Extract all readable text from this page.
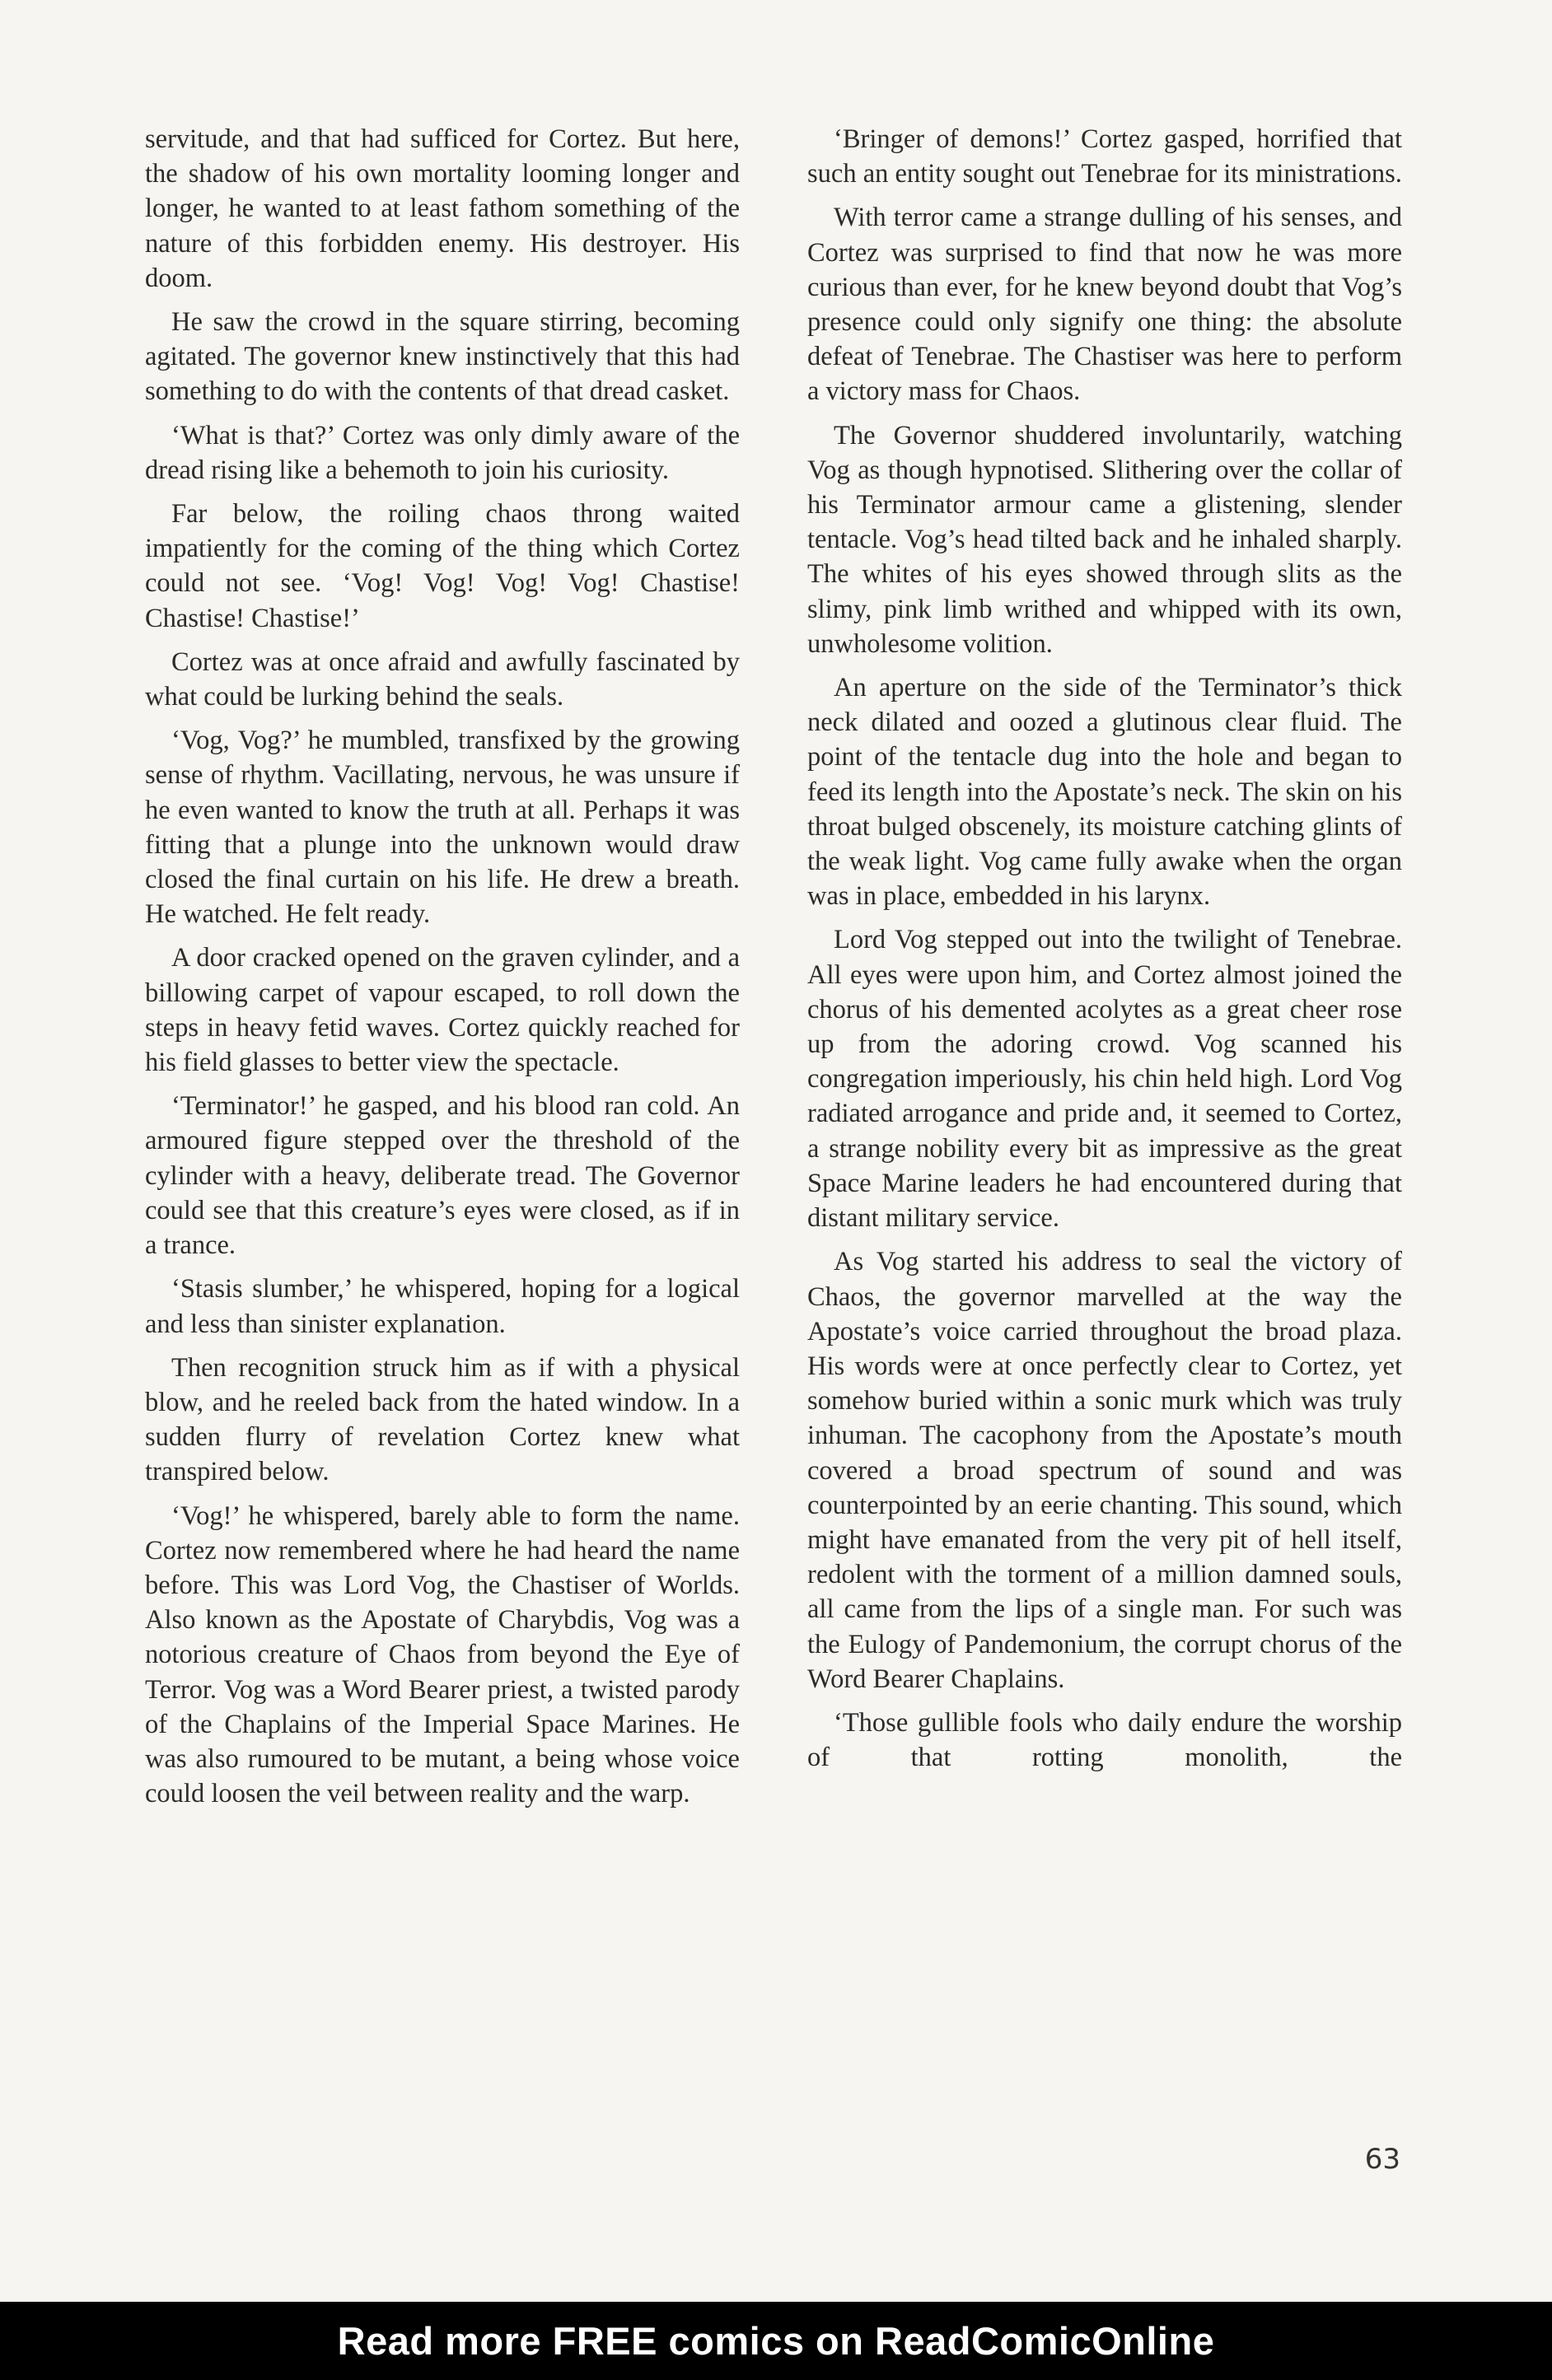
servitude, and that had sufficed for Cortez. But here, the shadow of his own mortality looming longer and longer, he wanted to at least fathom something of the nature of this forbidden enemy. His destroyer. His doom.

He saw the crowd in the square stirring, becoming agitated. The governor knew instinctively that this had something to do with the contents of that dread casket.

‘What is that?’ Cortez was only dimly aware of the dread rising like a behemoth to join his curiosity.

Far below, the roiling chaos throng waited impatiently for the coming of the thing which Cortez could not see. ‘Vog! Vog! Vog! Vog! Chastise! Chastise! Chastise!’

Cortez was at once afraid and awfully fascinated by what could be lurking behind the seals.

‘Vog, Vog?’ he mumbled, transfixed by the growing sense of rhythm. Vacillating, nervous, he was unsure if he even wanted to know the truth at all. Perhaps it was fitting that a plunge into the unknown would draw closed the final curtain on his life. He drew a breath. He watched. He felt ready.

A door cracked opened on the graven cylinder, and a billowing carpet of vapour escaped, to roll down the steps in heavy fetid waves. Cortez quickly reached for his field glasses to better view the spectacle.

‘Terminator!’ he gasped, and his blood ran cold. An armoured figure stepped over the threshold of the cylinder with a heavy, deliberate tread. The Governor could see that this creature’s eyes were closed, as if in a trance.

‘Stasis slumber,’ he whispered, hoping for a logical and less than sinister explanation.

Then recognition struck him as if with a physical blow, and he reeled back from the hated window. In a sudden flurry of revelation Cortez knew what transpired below.

‘Vog!’ he whispered, barely able to form the name. Cortez now remembered where he had heard the name before. This was Lord Vog, the Chastiser of Worlds. Also known as the Apostate of Charybdis, Vog was a notorious creature of Chaos from beyond the Eye of Terror. Vog was a Word Bearer priest, a twisted parody of the Chaplains of the Imperial Space Marines. He was also rumoured to be mutant, a being whose voice could loosen the veil between reality and the warp.

‘Bringer of demons!’ Cortez gasped, horrified that such an entity sought out Tenebrae for its ministrations.

With terror came a strange dulling of his senses, and Cortez was surprised to find that now he was more curious than ever, for he knew beyond doubt that Vog’s presence could only signify one thing: the absolute defeat of Tenebrae. The Chastiser was here to perform a victory mass for Chaos.

The Governor shuddered involuntarily, watching Vog as though hypnotised. Slithering over the collar of his Terminator armour came a glistening, slender tentacle. Vog’s head tilted back and he inhaled sharply. The whites of his eyes showed through slits as the slimy, pink limb writhed and whipped with its own, unwholesome volition.

An aperture on the side of the Terminator’s thick neck dilated and oozed a glutinous clear fluid. The point of the tentacle dug into the hole and began to feed its length into the Apostate’s neck. The skin on his throat bulged obscenely, its moisture catching glints of the weak light. Vog came fully awake when the organ was in place, embedded in his larynx.

Lord Vog stepped out into the twilight of Tenebrae. All eyes were upon him, and Cortez almost joined the chorus of his demented acolytes as a great cheer rose up from the adoring crowd. Vog scanned his congregation imperiously, his chin held high. Lord Vog radiated arrogance and pride and, it seemed to Cortez, a strange nobility every bit as impressive as the great Space Marine leaders he had encountered during that distant military service.

As Vog started his address to seal the victory of Chaos, the governor marvelled at the way the Apostate’s voice carried throughout the broad plaza. His words were at once perfectly clear to Cortez, yet somehow buried within a sonic murk which was truly inhuman. The cacophony from the Apostate’s mouth covered a broad spectrum of sound and was counterpointed by an eerie chanting. This sound, which might have emanated from the very pit of hell itself, redolent with the torment of a million damned souls, all came from the lips of a single man. For such was the Eulogy of Pandemonium, the corrupt chorus of the Word Bearer Chaplains.

‘Those gullible fools who daily endure the worship of that rotting monolith, the

63
Read more FREE comics on ReadComicOnline
